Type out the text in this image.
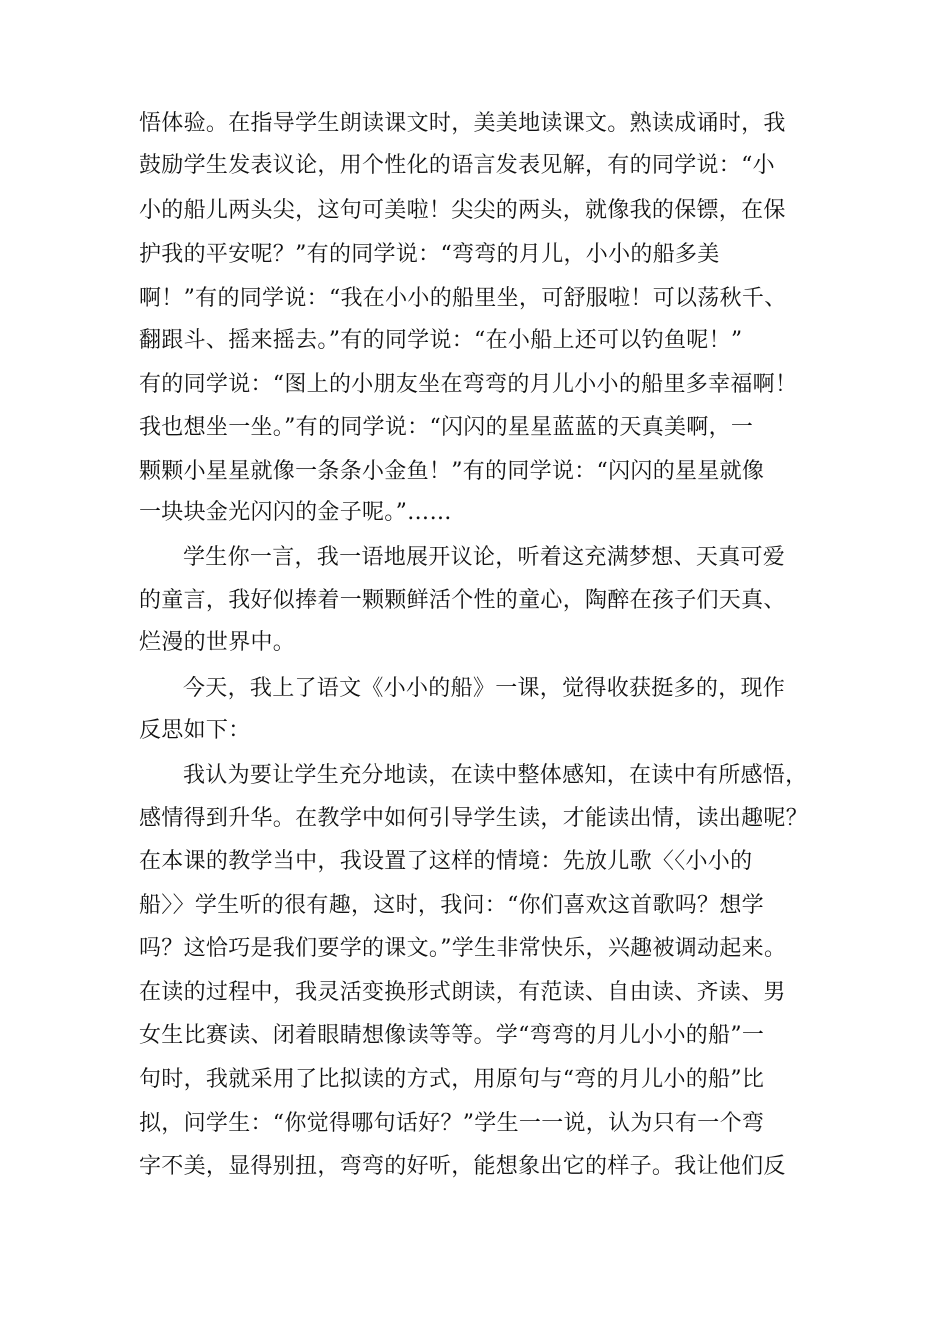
悟体验。在指导学生朗读课文时，美美地读课文。熟读成诵时，我
鼓励学生发表议论，用个性化的语言发表见解，有的同学说：“小
小的船儿两头尖，这句可美啦！尖尖的两头，就像我的保镖，在保
护我的平安呢？”有的同学说：“弯弯的月儿，小小的船多美
啊！”有的同学说：“我在小小的船里坐，可舒服啦！可以荡秋千、
翻跟斗、摇来摇去。”有的同学说：“在小船上还可以钓鱼呢！”
有的同学说：“图上的小朋友坐在弯弯的月儿小小的船里多幸福啊！
我也想坐一坐。”有的同学说：“闪闪的星星蓝蓝的天真美啊，一
颗颗小星星就像一条条小金鱼！”有的同学说：“闪闪的星星就像
一块块金光闪闪的金子呢。”……
学生你一言，我一语地展开议论，听着这充满梦想、天真可爱
的童言，我好似捧着一颗颗鲜活个性的童心，陶醉在孩子们天真、
烂漫的世界中。
今天，我上了语文《小小的船》一课，觉得收获挺多的，现作
反思如下：
我认为要让学生充分地读，在读中整体感知，在读中有所感悟，
感情得到升华。在教学中如何引导学生读，才能读出情，读出趣呢？
在本课的教学当中，我设置了这样的情境：先放儿歌〈〈小小的
船〉〉学生听的很有趣，这时，我问：“你们喜欢这首歌吗？想学
吗？这恰巧是我们要学的课文。”学生非常快乐，兴趣被调动起来。
在读的过程中，我灵活变换形式朗读，有范读、自由读、齐读、男
女生比赛读、闭着眼睛想像读等等。学“弯弯的月儿小小的船”一
句时，我就采用了比拟读的方式，用原句与“弯的月儿小的船”比
拟，问学生：“你觉得哪句话好？”学生一一说，认为只有一个弯
字不美，显得别扭，弯弯的好听，能想象出它的样子。我让他们反
